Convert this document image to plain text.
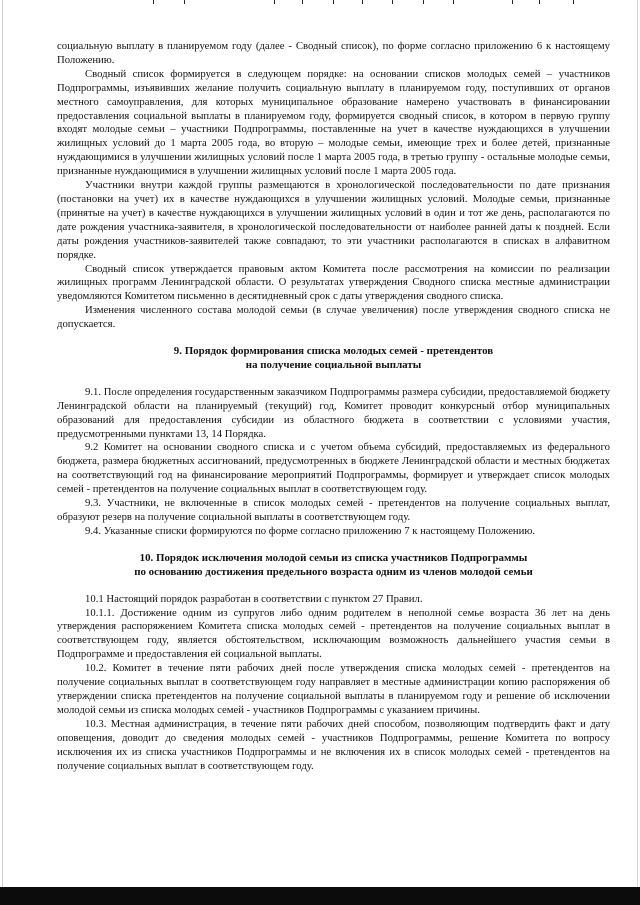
социальную выплату в планируемом году (далее - Сводный список), по форме согласно приложению 6 к настоящему Положению.

Сводный список формируется в следующем порядке: на основании списков молодых семей – участников Подпрограммы, изъявивших желание получить социальную выплату в планируемом году, поступивших от органов местного самоуправления, для которых муниципальное образование намерено участвовать в финансировании предоставления социальной выплаты в планируемом году, формируется сводный список, в котором в первую группу входят молодые семьи – участники Подпрограммы, поставленные на учет в качестве нуждающихся в улучшении жилищных условий до 1 марта 2005 года, во вторую – молодые семьи, имеющие трех и более детей, признанные нуждающимися в улучшении жилищных условий после 1 марта 2005 года, в третью группу - остальные молодые семьи, признанные нуждающимися в улучшении жилищных условий после 1 марта 2005 года.

Участники внутри каждой группы размещаются в хронологической последовательности по дате признания (постановки на учет) их в качестве нуждающихся в улучшении жилищных условий. Молодые семьи, признанные (принятые на учет) в качестве нуждающихся в улучшении жилищных условий в один и тот же день, располагаются по дате рождения участника-заявителя, в хронологической последовательности от наиболее ранней даты к поздней. Если даты рождения участников-заявителей также совпадают, то эти участники располагаются в списках в алфавитном порядке.

Сводный список утверждается правовым актом Комитета после рассмотрения на комиссии по реализации жилищных программ Ленинградской области. О результатах утверждения Сводного списка местные администрации уведомляются Комитетом письменно в десятидневный срок с даты утверждения сводного списка.

Изменения численного состава молодой семьи (в случае увеличения) после утверждения сводного списка не допускается.

9. Порядок формирования списка молодых семей - претендентов
на получение социальной выплаты

9.1. После определения государственным заказчиком Подпрограммы размера субсидии, предоставляемой бюджету Ленинградской области на планируемый (текущий) год, Комитет проводит конкурсный отбор муниципальных образований для предоставления субсидии из областного бюджета в соответствии с условиями участия, предусмотренными пунктами 13, 14 Порядка.

9.2 Комитет на основании сводного списка и с учетом объема субсидий, предоставляемых из федерального бюджета, размера бюджетных ассигнований, предусмотренных в бюджете Ленинградской области и местных бюджетах на соответствующий год на финансирование мероприятий Подпрограммы, формирует и утверждает список молодых семей - претендентов на получение социальных выплат в соответствующем году.

9.3. Участники, не включенные в список молодых семей - претендентов на получение социальных выплат, образуют резерв на получение социальной выплаты в соответствующем году.

9.4. Указанные списки формируются по форме согласно приложению 7 к настоящему Положению.

10. Порядок исключения молодой семьи из списка участников Подпрограммы
по основанию достижения предельного возраста одним из членов молодой семьи

10.1 Настоящий порядок разработан в соответствии с пунктом 27 Правил.

10.1.1. Достижение одним из супругов либо одним родителем в неполной семье возраста 36 лет на день утверждения распоряжением Комитета списка молодых семей - претендентов на получение социальных выплат в соответствующем году, является обстоятельством, исключающим возможность дальнейшего участия семьи в Подпрограмме и предоставления ей социальной выплаты.

10.2. Комитет в течение пяти рабочих дней после утверждения списка молодых семей - претендентов на получение социальных выплат в соответствующем году направляет в местные администрации копию распоряжения об утверждении списка претендентов на получение социальной выплаты в планируемом году и решение об исключении молодой семьи из списка молодых семей - участников Подпрограммы с указанием причины.

10.3. Местная администрация, в течение пяти рабочих дней способом, позволяющим подтвердить факт и дату оповещения, доводит до сведения молодых семей - участников Подпрограммы, решение Комитета по вопросу исключения их из списка участников Подпрограммы и не включения их в список молодых семей - претендентов на получение социальных выплат в соответствующем году.
